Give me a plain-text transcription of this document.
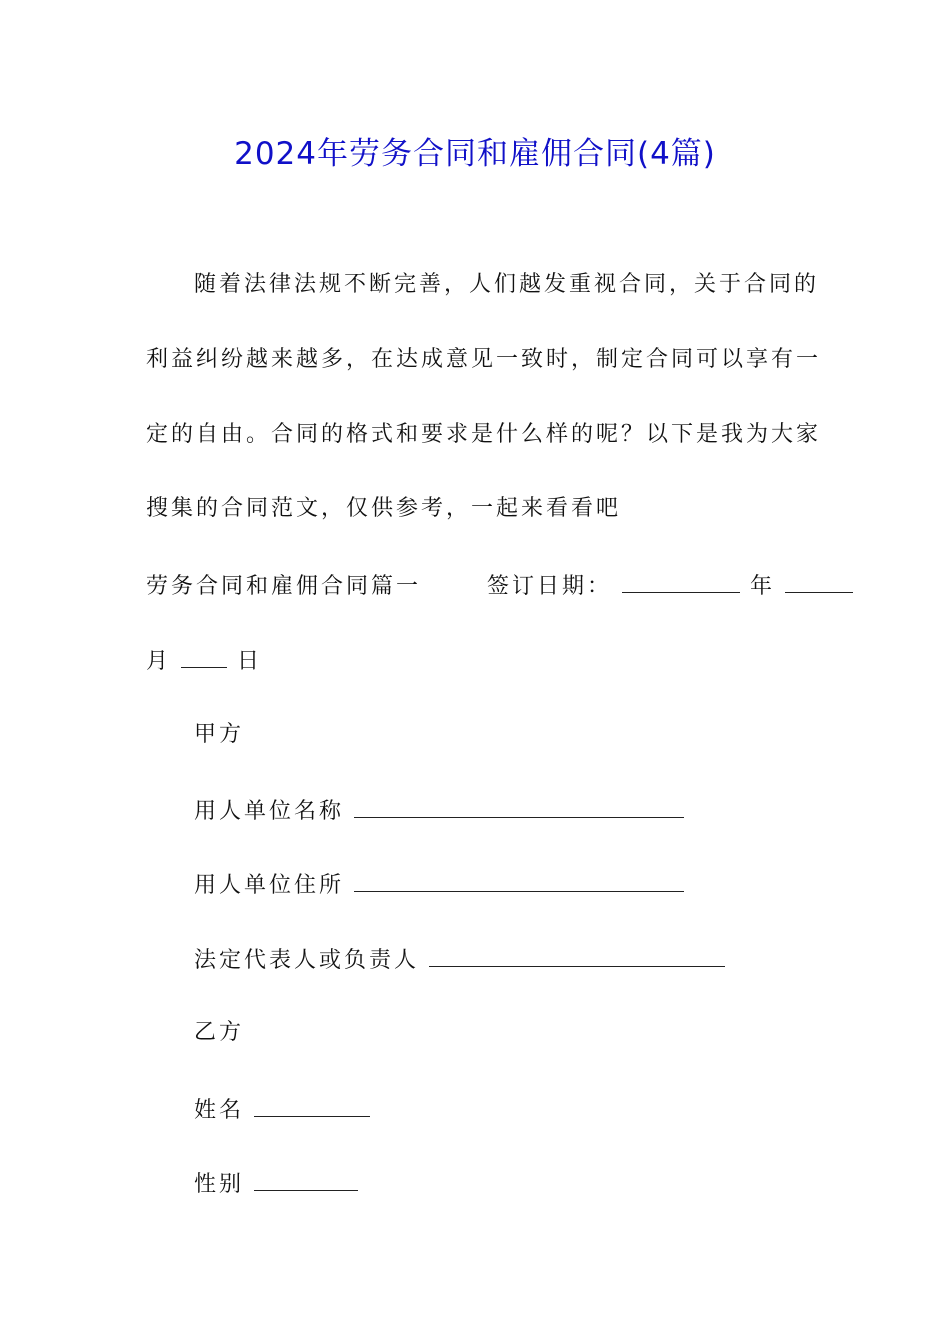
2024年劳务合同和雇佣合同(4篇)
随着法律法规不断完善，人们越发重视合同，关于合同的
利益纠纷越来越多，在达成意见一致时，制定合同可以享有一
定的自由。合同的格式和要求是什么样的呢？以下是我为大家
搜集的合同范文，仅供参考，一起来看看吧
劳务合同和雇佣合同篇一	签订日期：	年
月	日
甲方
用人单位名称
用人单位住所
法定代表人或负责人
乙方
姓名
性别
